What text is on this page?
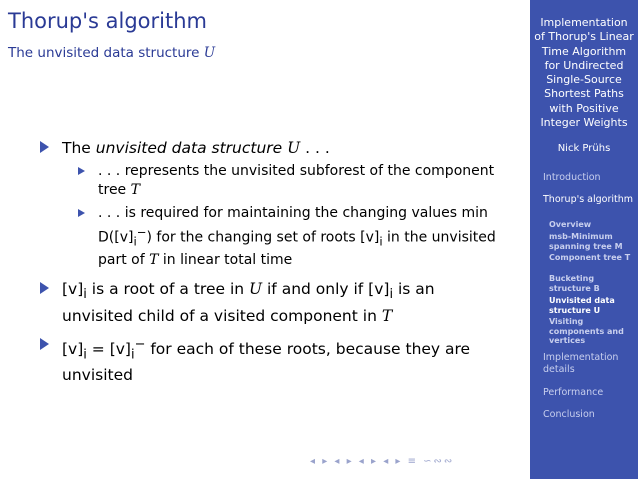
Thorup's algorithm
The unvisited data structure U
The unvisited data structure U . . .
. . . represents the unvisited subforest of the component tree T
. . . is required for maintaining the changing values $\min D([v]_i^-)$ for the changing set of roots $[v]_i$ in the unvisited part of T in linear total time
$[v]_i$ is a root of a tree in U if and only if $[v]_i$ is an unvisited child of a visited component in T
$[v]_i = [v]_i^-$ for each of these roots, because they are unvisited
◂ ▸ ◂ ▸ ◂ ▸ ◂ ▸ ≡ ∽∾∾
Implementation of Thorup's Linear Time Algorithm for Undirected Single-Source Shortest Paths with Positive Integer Weights
Nick Prühs
Introduction
Thorup's algorithm
Overview
msb-Minimum spanning tree M
Component tree T
Bucketing structure B
Unvisited data structure U
Visiting components and vertices
Implementation details
Performance
Conclusion
